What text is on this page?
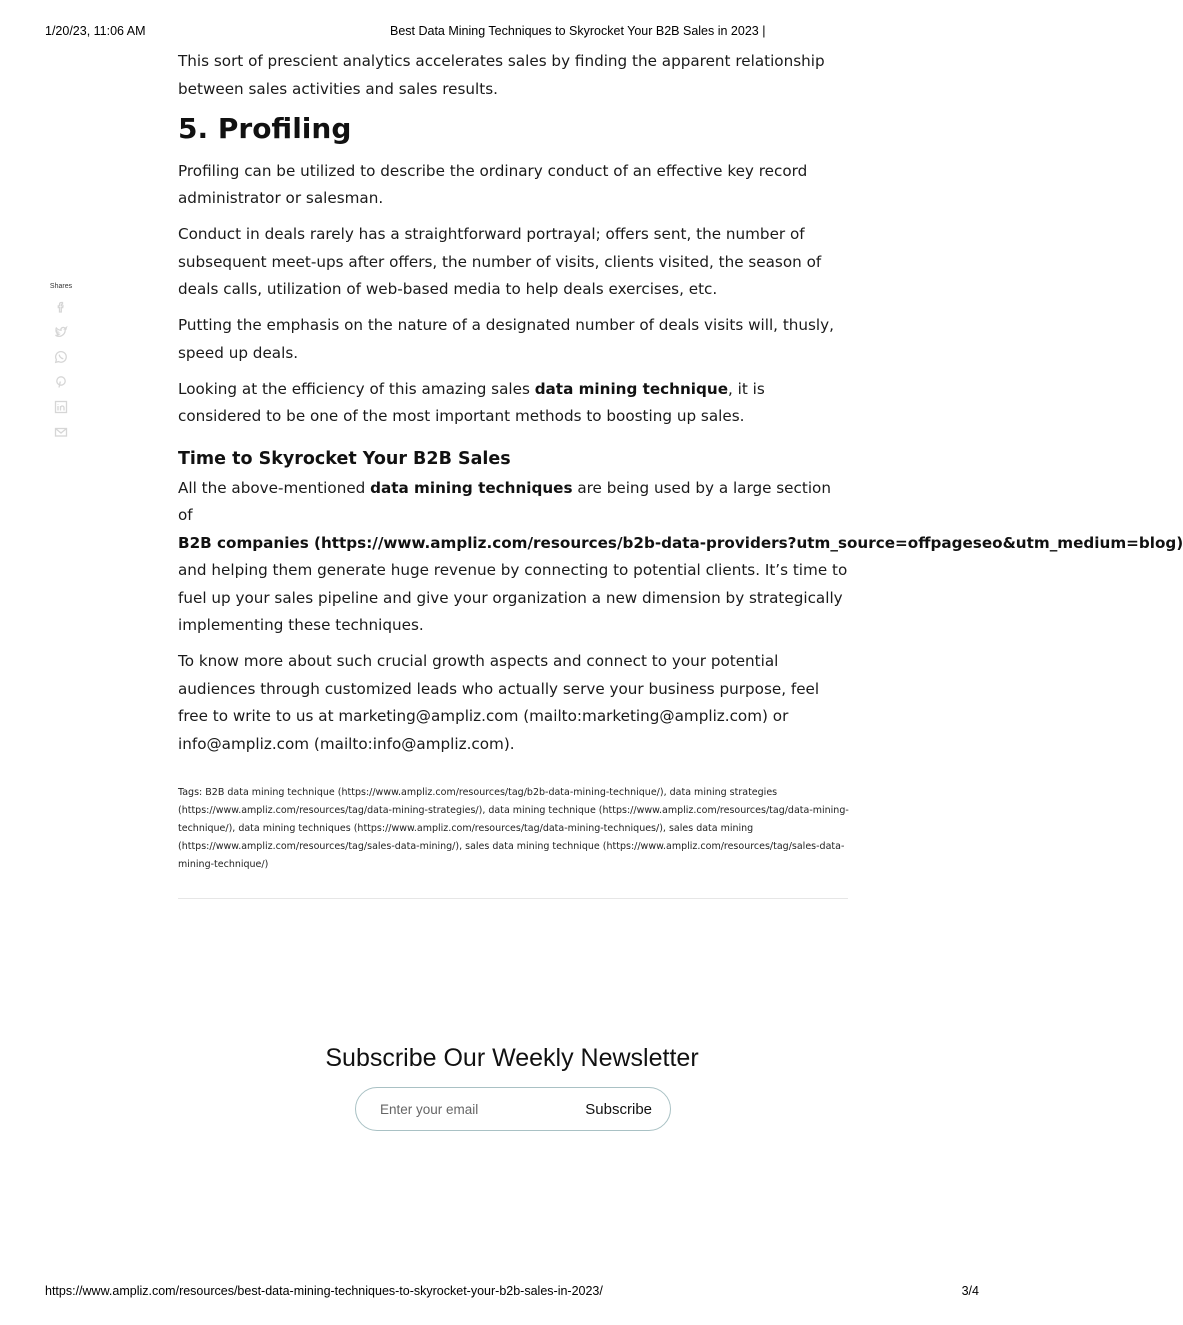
1/20/23, 11:06 AM	Best Data Mining Techniques to Skyrocket Your B2B Sales in 2023 |
Shares

This sort of prescient analytics accelerates sales by finding the apparent relationship between sales activities and sales results.

5. Profiling

Profiling can be utilized to describe the ordinary conduct of an effective key record administrator or salesman.

Conduct in deals rarely has a straightforward portrayal; offers sent, the number of subsequent meet-ups after offers, the number of visits, clients visited, the season of deals calls, utilization of web-based media to help deals exercises, etc.

Putting the emphasis on the nature of a designated number of deals visits will, thusly, speed up deals.

Looking at the efficiency of this amazing sales data mining technique, it is considered to be one of the most important methods to boosting up sales.

Time to Skyrocket Your B2B Sales

All the above-mentioned data mining techniques are being used by a large section of
B2B companies (https://www.ampliz.com/resources/b2b-data-providers?utm_source=offpageseo&utm_medium=blog)
and helping them generate huge revenue by connecting to potential clients. It’s time to fuel up your sales pipeline and give your organization a new dimension by strategically implementing these techniques.

To know more about such crucial growth aspects and connect to your potential audiences through customized leads who actually serve your business purpose, feel free to write to us at marketing@ampliz.com (mailto:marketing@ampliz.com) or
info@ampliz.com (mailto:info@ampliz.com).

Tags: B2B data mining technique (https://www.ampliz.com/resources/tag/b2b-data-mining-technique/), data mining strategies (https://www.ampliz.com/resources/tag/data-mining-strategies/), data mining technique (https://www.ampliz.com/resources/tag/data-mining-technique/), data mining techniques (https://www.ampliz.com/resources/tag/data-mining-techniques/), sales data mining (https://www.ampliz.com/resources/tag/sales-data-mining/), sales data mining technique (https://www.ampliz.com/resources/tag/sales-data-mining-technique/)
Subscribe Our Weekly Newsletter
Enter your email
Subscribe
https://www.ampliz.com/resources/best-data-mining-techniques-to-skyrocket-your-b2b-sales-in-2023/	3/4
